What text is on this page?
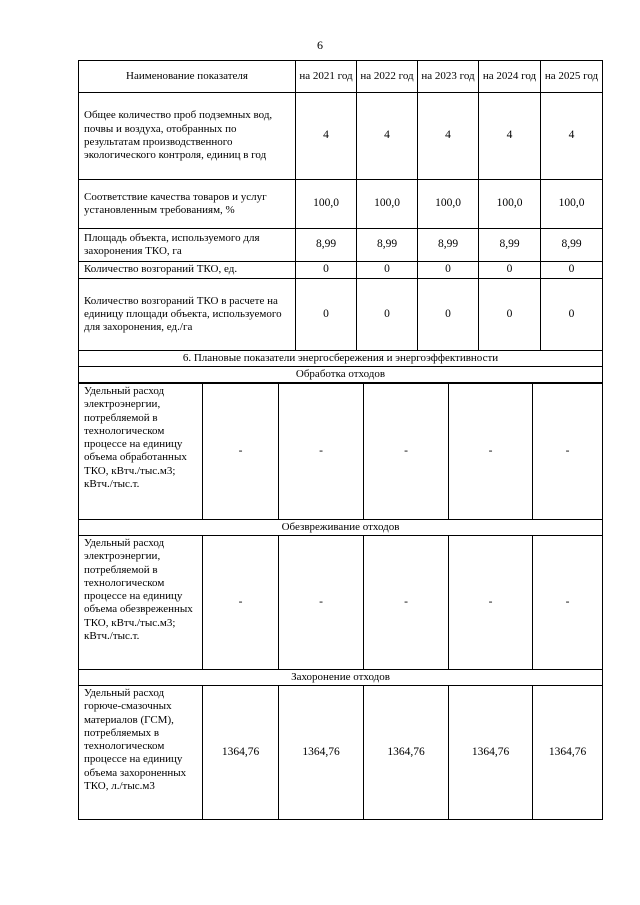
6
Наименование показателя	на 2021 год	на 2022 год	на 2023 год	на 2024 год	на 2025 год
Общее количество проб подземных вод, почвы и воздуха, отобранных по результатам производственного экологического контроля, единиц в год	4	4	4	4	4
Соответствие качества товаров и услуг установленным требованиям, %	100,0	100,0	100,0	100,0	100,0
Площадь объекта, используемого для захоронения ТКО, га	8,99	8,99	8,99	8,99	8,99
Количество возгораний ТКО, ед.	0	0	0	0	0
Количество возгораний ТКО в расчете на единицу площади объекта, используемого для захоронения, ед./га	0	0	0	0	0
6. Плановые показатели энергосбережения и энергоэффективности					
Обработка отходов					
Удельный расход электроэнергии, потребляемой в технологическом процессе на единицу объема обработанных ТКО, кВтч./тыс.м3; кВтч./тыс.т.	-	-	-	-	-
Обезвреживание отходов					
Удельный расход электроэнергии, потребляемой в технологическом процессе на единицу объема обезвреженных ТКО, кВтч./тыс.м3; кВтч./тыс.т.	-	-	-	-	-
Захоронение отходов					
Удельный расход горюче-смазочных материалов (ГСМ), потребляемых в технологическом процессе на единицу объема захороненных ТКО, л./тыс.м3	1364,76	1364,76	1364,76	1364,76	1364,76
